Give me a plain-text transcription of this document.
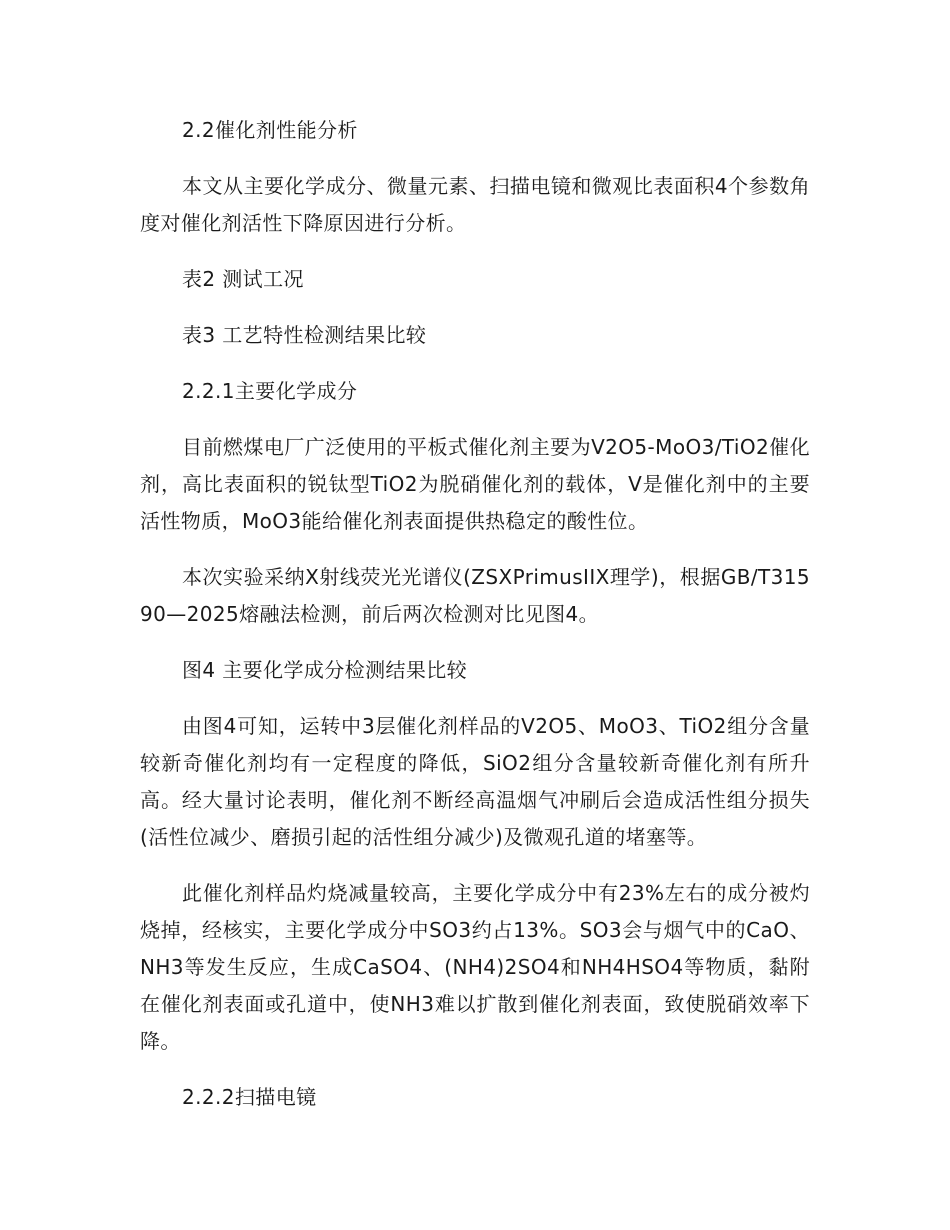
2.2催化剂性能分析

本文从主要化学成分、微量元素、扫描电镜和微观比表面积4个参数角度对催化剂活性下降原因进行分析。

表2 测试工况

表3 工艺特性检测结果比较

2.2.1主要化学成分

目前燃煤电厂广泛使用的平板式催化剂主要为V2O5-MoO3/TiO2催化剂，高比表面积的锐钛型TiO2为脱硝催化剂的载体，V是催化剂中的主要活性物质，MoO3能给催化剂表面提供热稳定的酸性位。

本次实验采纳X射线荧光光谱仪(ZSXPrimusIIX理学)，根据GB/T31590—2025熔融法检测，前后两次检测对比见图4。

图4 主要化学成分检测结果比较

由图4可知，运转中3层催化剂样品的V2O5、MoO3、TiO2组分含量较新奇催化剂均有一定程度的降低，SiO2组分含量较新奇催化剂有所升高。经大量讨论表明，催化剂不断经高温烟气冲刷后会造成活性组分损失(活性位减少、磨损引起的活性组分减少)及微观孔道的堵塞等。

此催化剂样品灼烧减量较高，主要化学成分中有23%左右的成分被灼烧掉，经核实，主要化学成分中SO3约占13%。SO3会与烟气中的CaO、NH3等发生反应，生成CaSO4、(NH4)2SO4和NH4HSO4等物质，黏附在催化剂表面或孔道中，使NH3难以扩散到催化剂表面，致使脱硝效率下降。

2.2.2扫描电镜
